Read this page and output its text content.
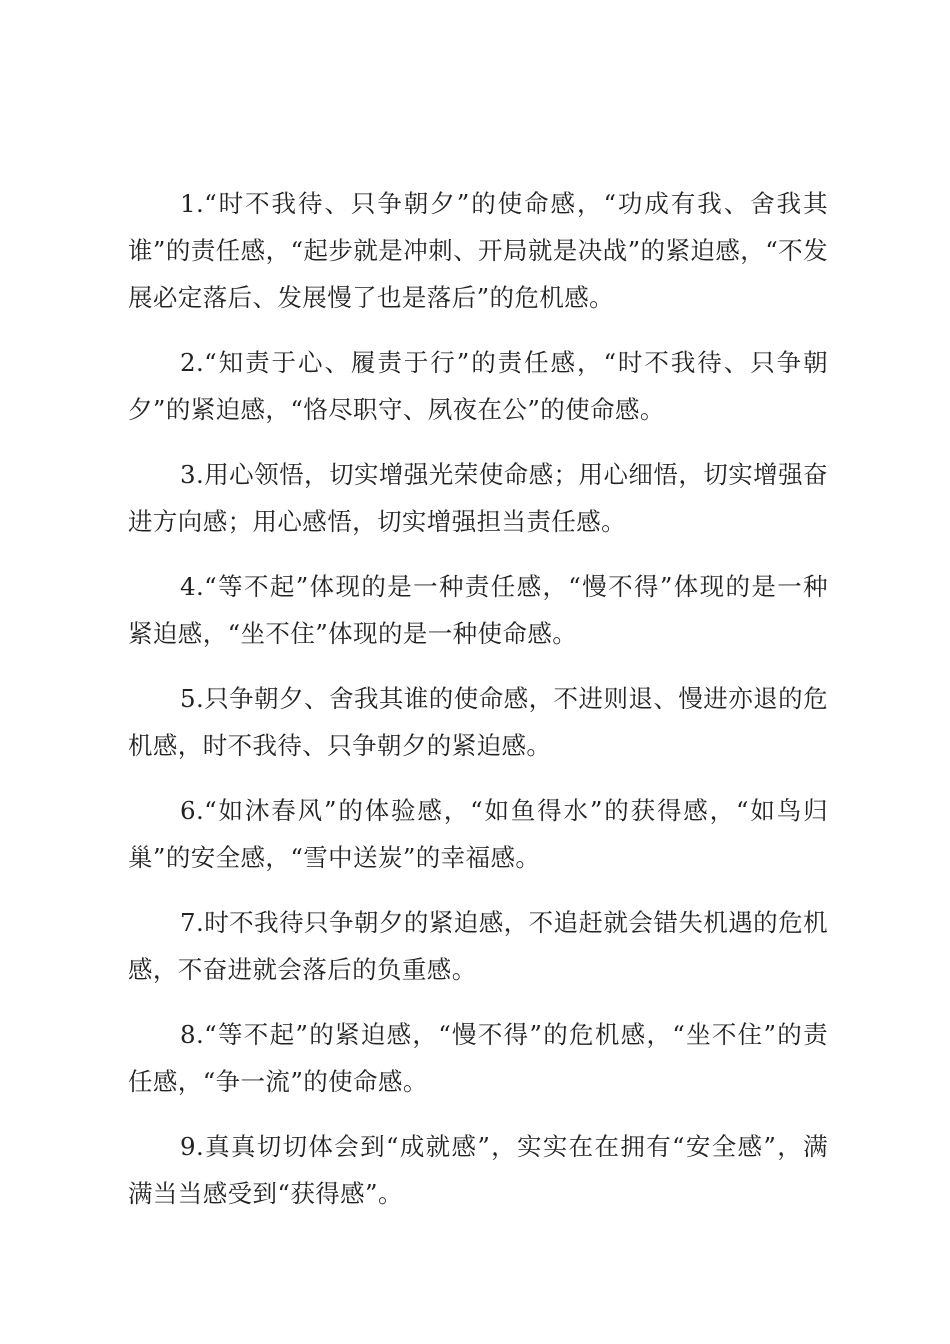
1.“时不我待、只争朝夕”的使命感，“功成有我、舍我其谁”的责任感，“起步就是冲刺、开局就是决战”的紧迫感，“不发展必定落后、发展慢了也是落后”的危机感。

2.“知责于心、履责于行”的责任感，“时不我待、只争朝夕”的紧迫感，“恪尽职守、夙夜在公”的使命感。

3.用心领悟，切实增强光荣使命感；用心细悟，切实增强奋进方向感；用心感悟，切实增强担当责任感。

4.“等不起”体现的是一种责任感，“慢不得”体现的是一种紧迫感，“坐不住”体现的是一种使命感。

5.只争朝夕、舍我其谁的使命感，不进则退、慢进亦退的危机感，时不我待、只争朝夕的紧迫感。

6.“如沐春风”的体验感，“如鱼得水”的获得感，“如鸟归巢”的安全感，“雪中送炭”的幸福感。

7.时不我待只争朝夕的紧迫感，不追赶就会错失机遇的危机感，不奋进就会落后的负重感。

8.“等不起”的紧迫感，“慢不得”的危机感，“坐不住”的责任感，“争一流”的使命感。

9.真真切切体会到“成就感”，实实在在拥有“安全感”，满满当当感受到“获得感”。
